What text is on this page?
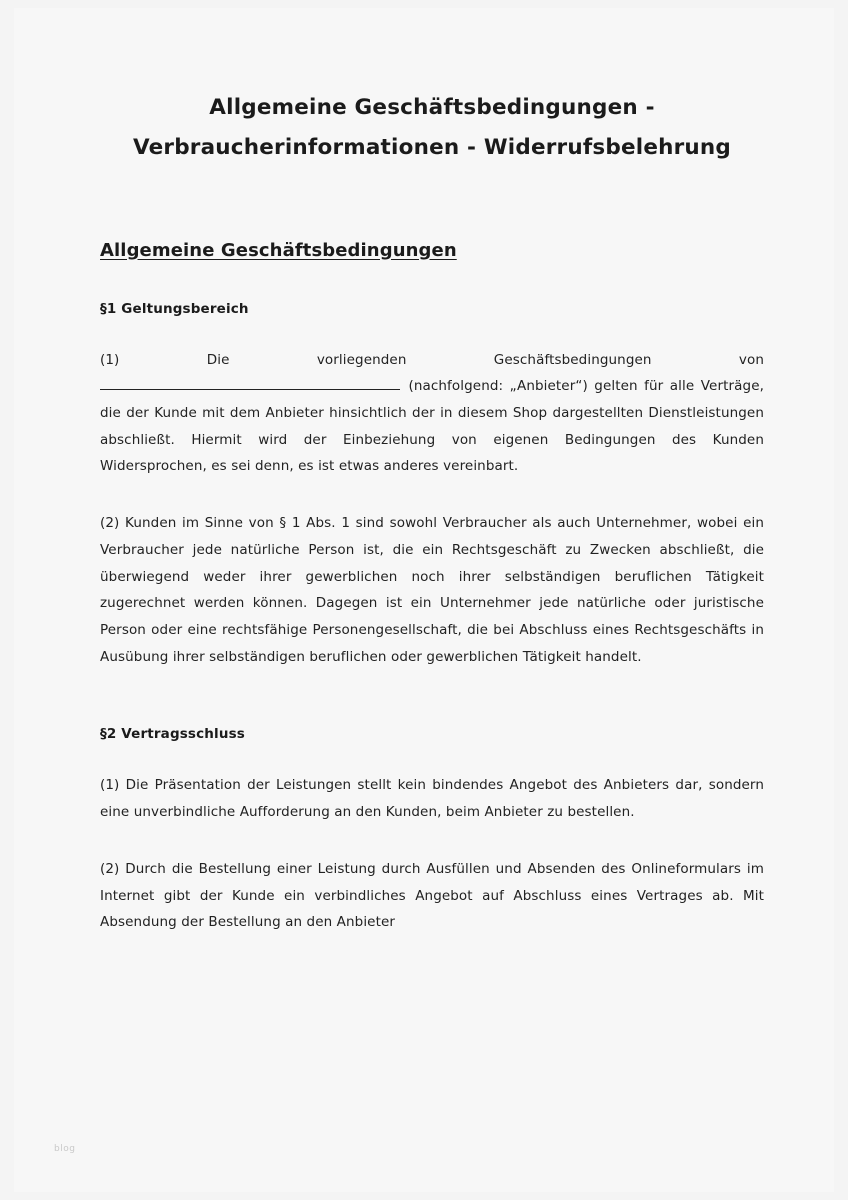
Allgemeine Geschäftsbedingungen -
Verbraucherinformationen - Widerrufsbelehrung
Allgemeine Geschäftsbedingungen
§1 Geltungsbereich

(1)	Die vorliegenden Geschäftsbedingungen von
(nachfolgend: „Anbieter“) gelten für alle Verträge, die der Kunde mit dem Anbieter hinsichtlich der in diesem Shop dargestellten Dienstleistungen abschließt. Hiermit wird der Einbeziehung von eigenen Bedingungen des Kunden Widersprochen, es sei denn, es ist etwas anderes vereinbart.

(2) Kunden im Sinne von § 1 Abs. 1 sind sowohl Verbraucher als auch Unternehmer, wobei ein Verbraucher jede natürliche Person ist, die ein Rechtsgeschäft zu Zwecken abschließt, die überwiegend weder ihrer gewerblichen noch ihrer selbständigen beruflichen Tätigkeit zugerechnet werden können. Dagegen ist ein Unternehmer jede natürliche oder juristische Person oder eine rechtsfähige Personengesellschaft, die bei Abschluss eines Rechtsgeschäfts in Ausübung ihrer selbständigen beruflichen oder gewerblichen Tätigkeit handelt.

§2 Vertragsschluss

(1) Die Präsentation der Leistungen stellt kein bindendes Angebot des Anbieters dar, sondern eine unverbindliche Aufforderung an den Kunden, beim Anbieter zu bestellen.

(2) Durch die Bestellung einer Leistung durch Ausfüllen und Absenden des Onlineformulars im Internet gibt der Kunde ein verbindliches Angebot auf Abschluss eines Vertrages ab. Mit Absendung der Bestellung an den Anbieter

blog
